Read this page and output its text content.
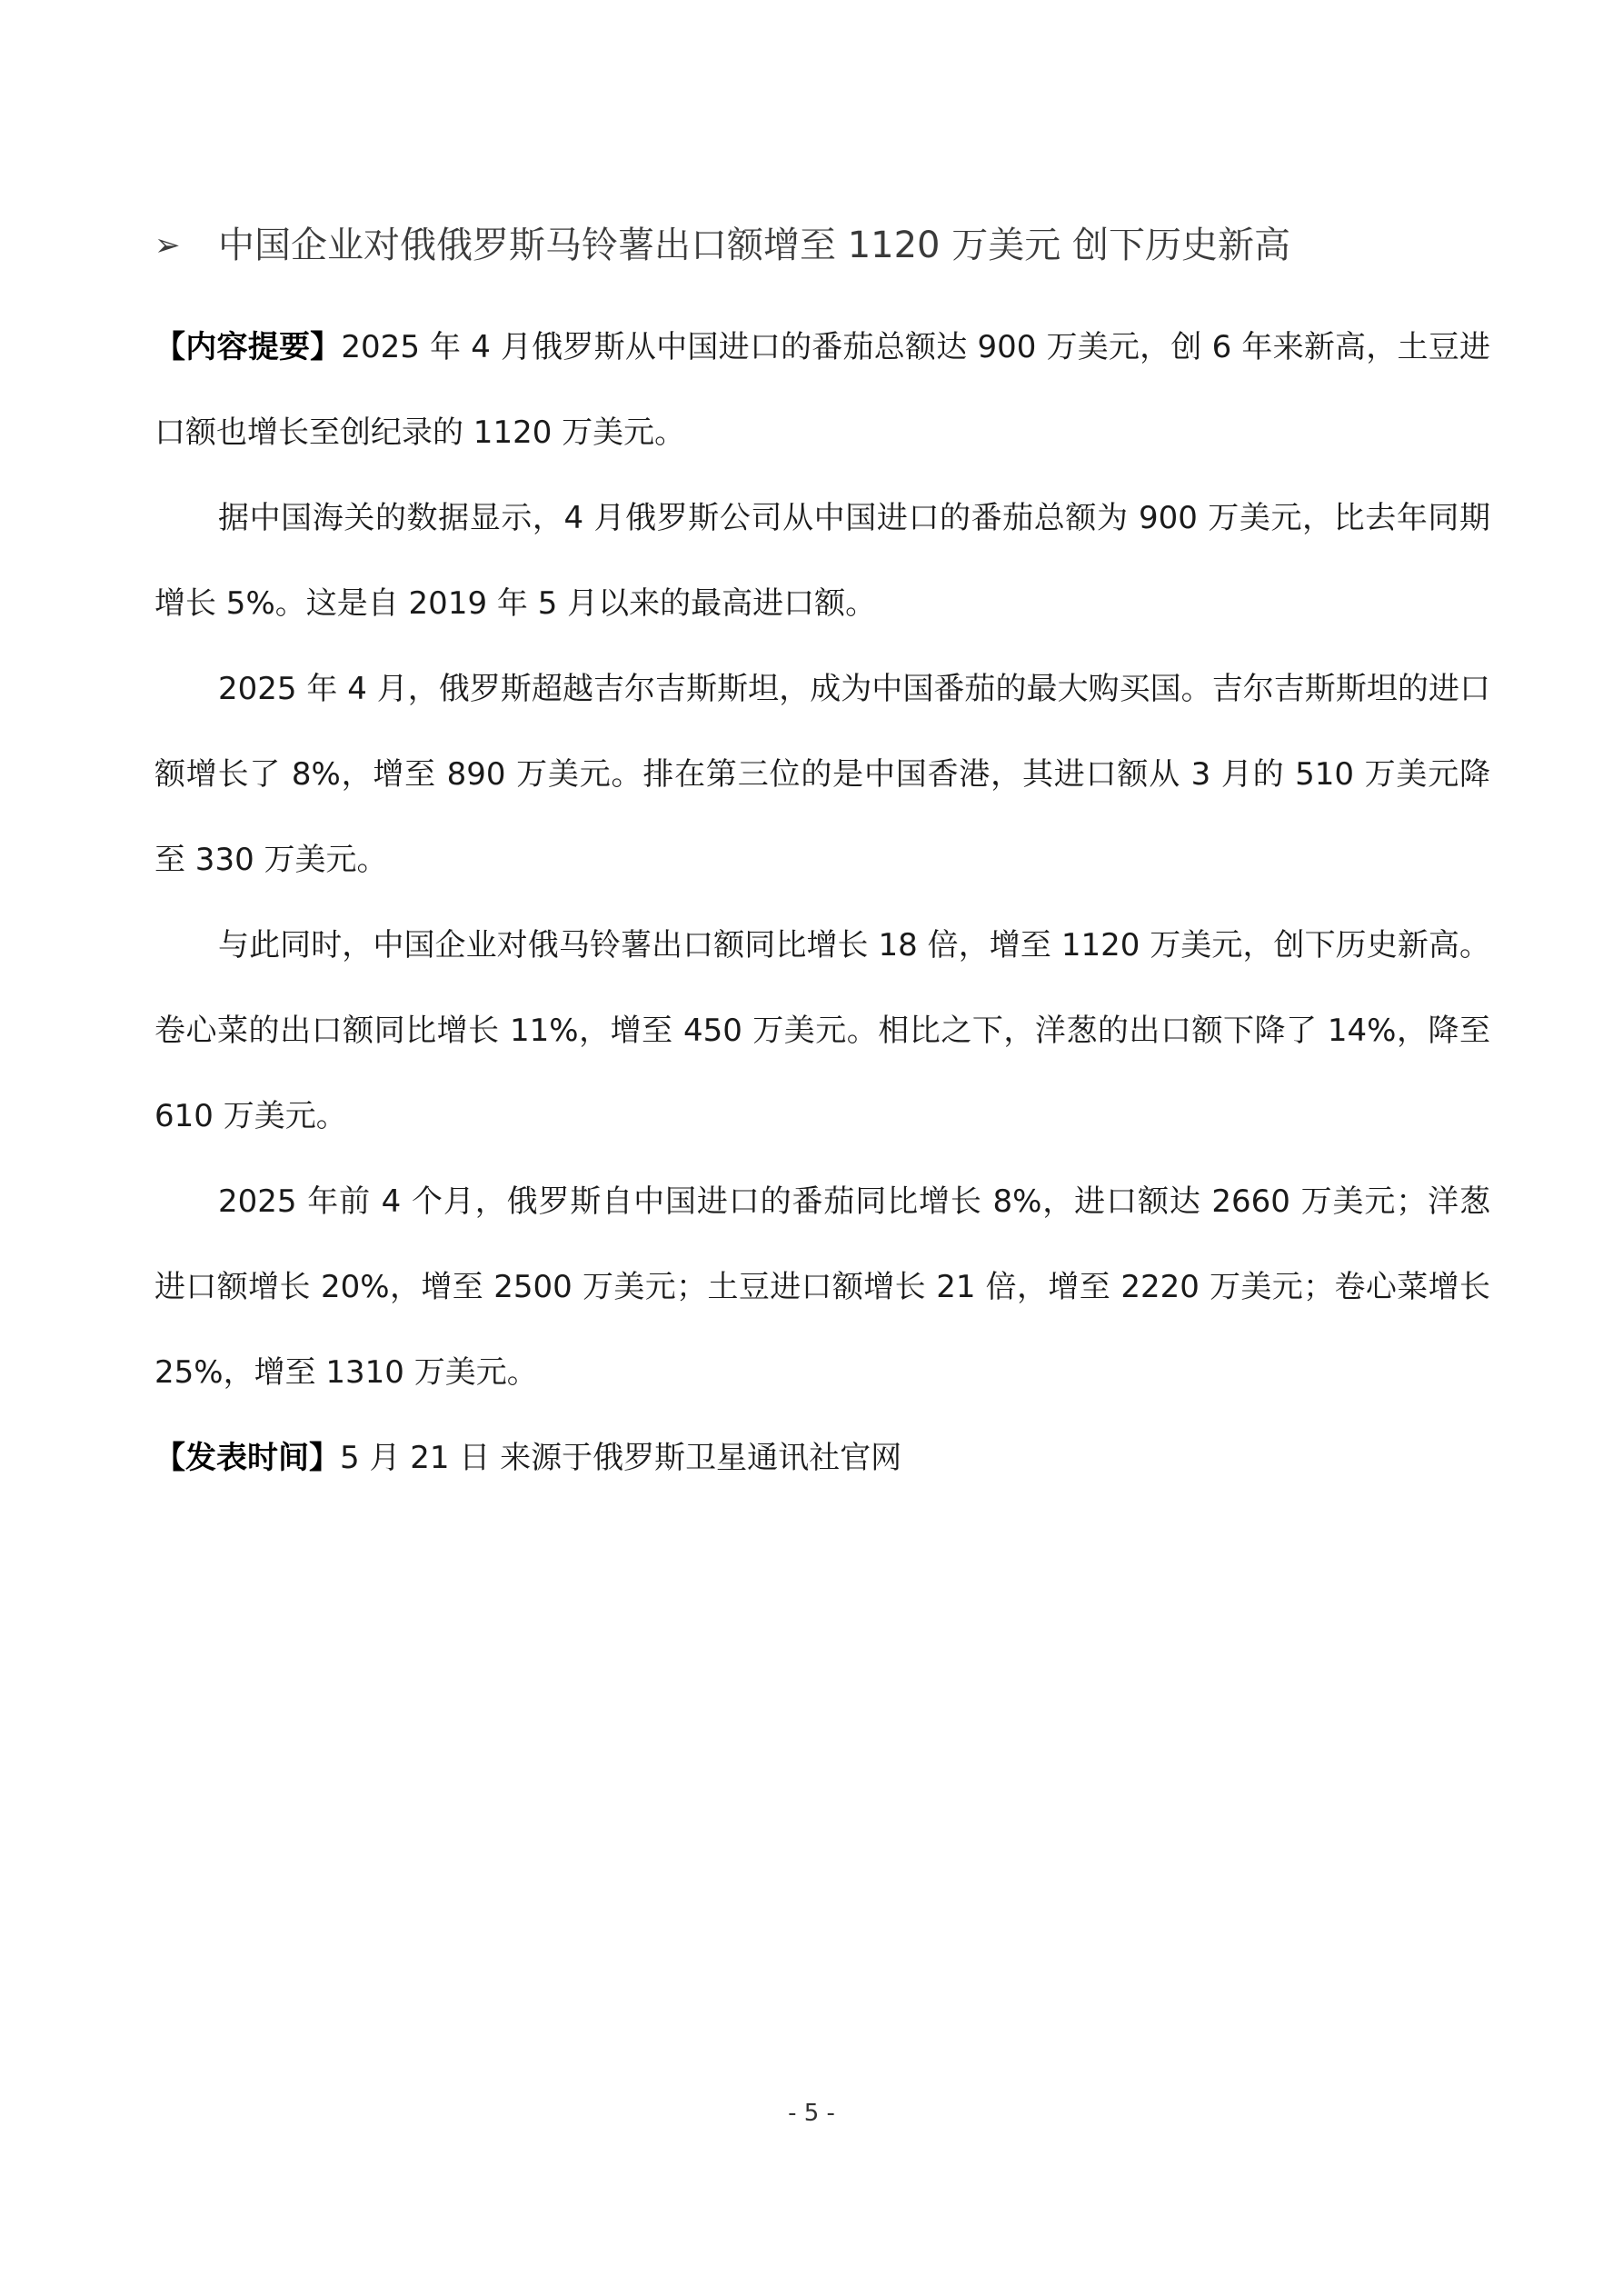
➢	中国企业对俄俄罗斯马铃薯出口额增至 1120 万美元 创下历史新高

【内容提要】2025 年 4 月俄罗斯从中国进口的番茄总额达 900 万美元，创 6 年来新高，土豆进口额也增长至创纪录的 1120 万美元。

据中国海关的数据显示，4 月俄罗斯公司从中国进口的番茄总额为 900 万美元，比去年同期增长 5%。这是自 2019 年 5 月以来的最高进口额。

2025 年 4 月，俄罗斯超越吉尔吉斯斯坦，成为中国番茄的最大购买国。吉尔吉斯斯坦的进口额增长了 8%，增至 890 万美元。排在第三位的是中国香港，其进口额从 3 月的 510 万美元降至 330 万美元。

与此同时，中国企业对俄马铃薯出口额同比增长 18 倍，增至 1120 万美元，创下历史新高。卷心菜的出口额同比增长 11%，增至 450 万美元。相比之下，洋葱的出口额下降了 14%，降至 610 万美元。

2025 年前 4 个月，俄罗斯自中国进口的番茄同比增长 8%，进口额达 2660 万美元；洋葱进口额增长 20%，增至 2500 万美元；土豆进口额增长 21 倍，增至 2220 万美元；卷心菜增长 25%，增至 1310 万美元。

【发表时间】5 月 21 日 来源于俄罗斯卫星通讯社官网

- 5 -
